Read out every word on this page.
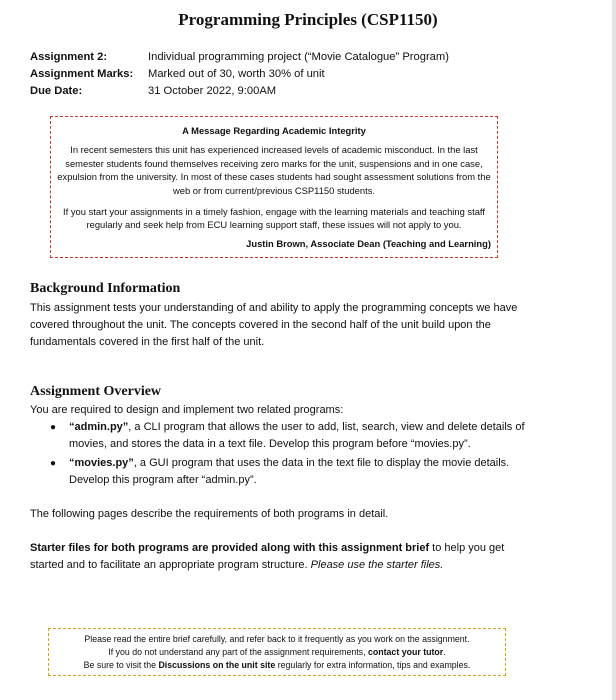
Programming Principles (CSP1150)
Assignment 2:	Individual programming project (“Movie Catalogue” Program)
Assignment Marks:	Marked out of 30, worth 30% of unit
Due Date:	31 October 2022, 9:00AM
A Message Regarding Academic Integrity

In recent semesters this unit has experienced increased levels of academic misconduct. In the last semester students found themselves receiving zero marks for the unit, suspensions and in one case, expulsion from the university. In most of these cases students had sought assessment solutions from the web or from current/previous CSP1150 students.

If you start your assignments in a timely fashion, engage with the learning materials and teaching staff regularly and seek help from ECU learning support staff, these issues will not apply to you.

Justin Brown, Associate Dean (Teaching and Learning)
Background Information
This assignment tests your understanding of and ability to apply the programming concepts we have covered throughout the unit. The concepts covered in the second half of the unit build upon the fundamentals covered in the first half of the unit.
Assignment Overview
You are required to design and implement two related programs:
●	“admin.py”, a CLI program that allows the user to add, list, search, view and delete details of movies, and stores the data in a text file. Develop this program before “movies.py”.
●	“movies.py”, a GUI program that uses the data in the text file to display the movie details. Develop this program after “admin.py”.
The following pages describe the requirements of both programs in detail.
Starter files for both programs are provided along with this assignment brief to help you get started and to facilitate an appropriate program structure. Please use the starter files.
Please read the entire brief carefully, and refer back to it frequently as you work on the assignment.
If you do not understand any part of the assignment requirements, contact your tutor.
Be sure to visit the Discussions on the unit site regularly for extra information, tips and examples.
